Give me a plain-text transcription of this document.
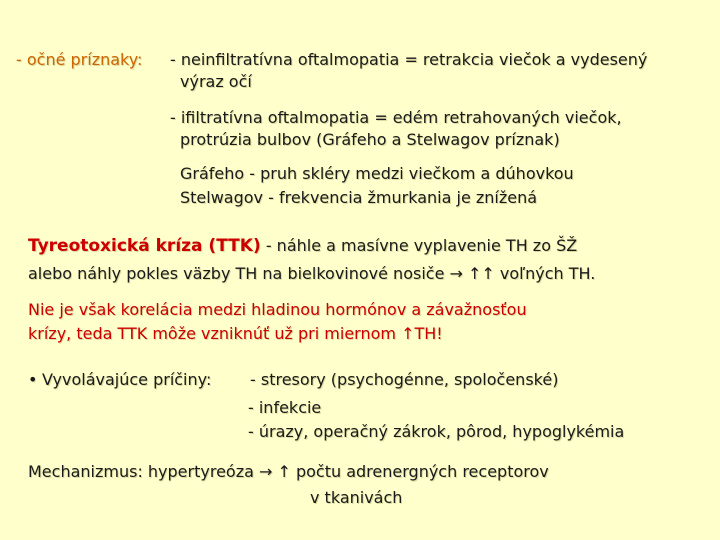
- očné príznaky: - neinfiltratívna oftalmopatia = retrakcia viečok a vydesený
výraz očí
- ifiltratívna oftalmopatia = edém retrahovaných viečok,
protrúzia bulbov (Gráfeho a Stelwagov príznak)
Gráfeho - pruh skléry medzi viečkom a dúhovkou
Stelwagov - frekvencia žmurkania je znížená
Tyreotoxická kríza (TTK) - náhle a masívne vyplavenie TH zo ŠŽ
alebo náhly pokles väzby TH na bielkovinové nosiče → ↑↑ voľných TH.
Nie je však korelácia medzi hladinou hormónov a závažnosťou
krízy, teda TTK môže vzniknúť už pri miernom ↑TH!
• Vyvolávajúce príčiny: - stresory (psychogénne, spoločenské)
- infekcie
- úrazy, operačný zákrok, pôrod, hypoglykémia
Mechanizmus: hypertyreóza → ↑ počtu adrenergných receptorov
v tkanivách
